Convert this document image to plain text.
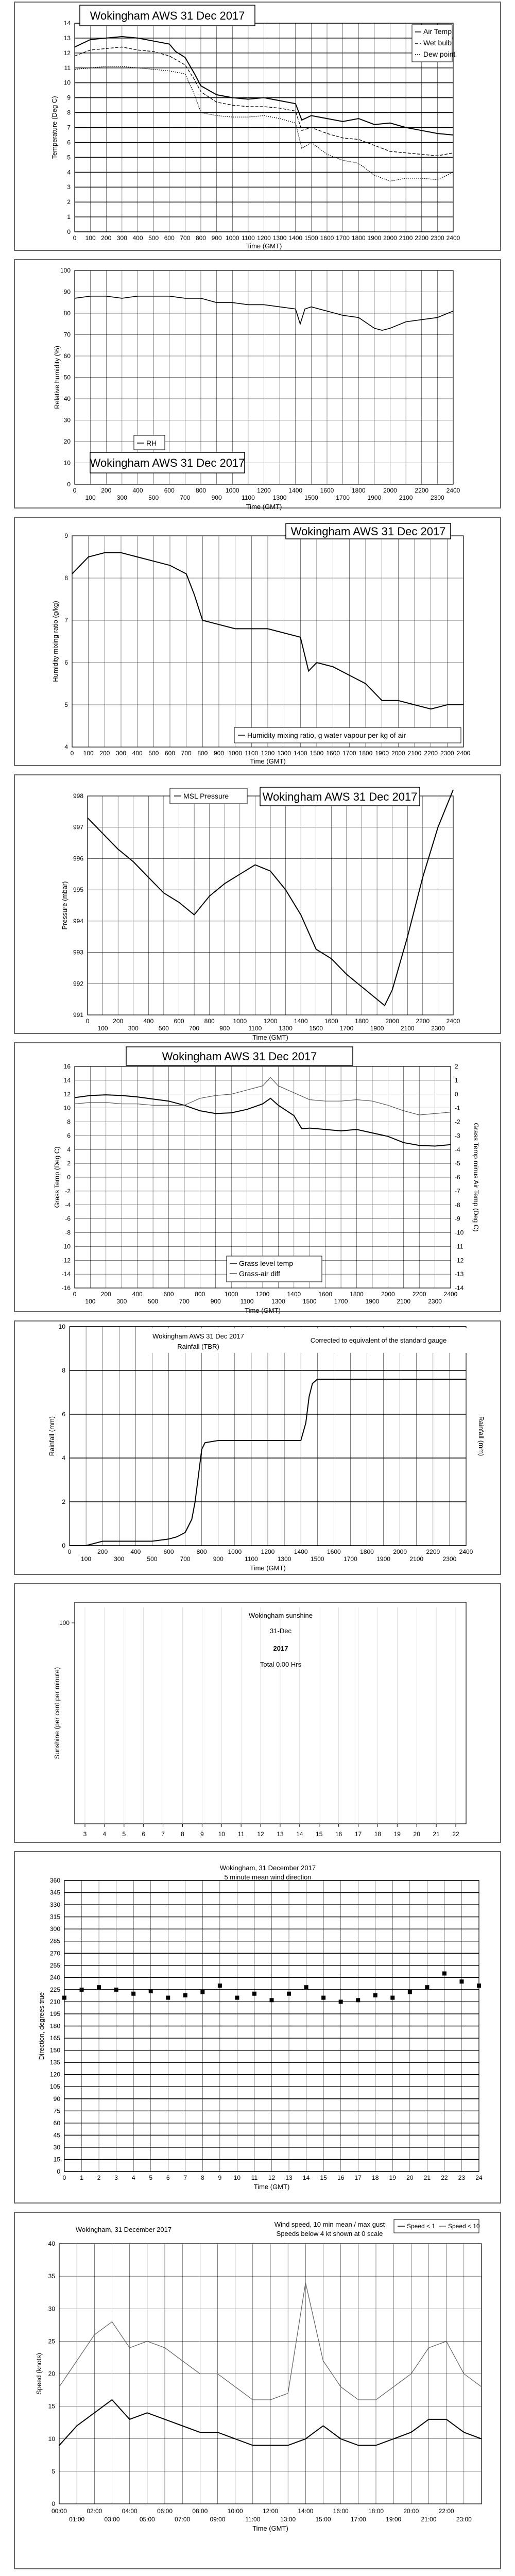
0 100 200 300 400 500 600 700 800 900 1000 1100 1200 1300 1400 1500 1600 1700 1800 1900 2000 2100 2200 2300 2400
0
1
2
3
4
5
6
7
8
9
10
11
12
13
14
Time (GMT)
Temperature (Deg C)
Wokingham AWS 31 Dec 2017
Air Temp
Wet bulb
Dew point
0
100
200
300
400
500
600
700
800
900
1000
1100
1200
1300
1400
1500
1600
1700
1800
1900
2000
2100
2200
2300
2400
0
10
20
30
40
50
60
70
80
90
100
Time (GMT)
Relative humidity (%)
Wokingham AWS 31 Dec 2017
RH
0 100 200 300 400 500 600 700 800 900 1000 1100 1200 1300 1400 1500 1600 1700 1800 1900 2000 2100 2200 2300 2400
4
5
6
7
8
9
Time (GMT)
Humidity mixing ratio (g/kg)
Wokingham AWS 31 Dec 2017
Humidity mixing ratio, g water vapour per kg of air
0
100
200
300
400
500
600
700
800
900
1000
1100
1200
1300
1400
1500
1600
1700
1800
1900
2000
2100
2200
2300
2400
991
992
993
994
995
996
997
998
Time (GMT)
Pressure (mbar)
Wokingham AWS 31 Dec 2017
MSL Pressure
0
100
200
300
400
500
600
700
800
900
1000
1100
1200
1300
1400
1500
1600
1700
1800
1900
2000
2100
2200
2300
2400
-16
-14
-12
-10
-8
-6
-4
-2
0
2
4
6
8
10
12
14
16
-14
-13
-12
-11
-10
-9
-8
-7
-6
-5
-4
-3
-2
-1
0
1
2
Time (GMT)
Grass Temp (Deg C)	Grass Temp minus Air Temp (Deg C)
Wokingham AWS 31 Dec 2017
Grass level temp
Grass-air diff
0
100
200
300
400
500
600
700
800
900
1000
1100
1200
1300
1400
1500
1600
1700
1800
1900
2000
2100
2200
2300
2400
0
2
4
6
8
10
Time (GMT)
Rainfall (mm)	Rainfall (mm)
Wokingham AWS 31 Dec 2017
Rainfall (TBR)
Corrected to equivalent of the standard gauge
3	4	5	6	7	8	9 10 11 12 13 14 15 16 17 18 19 20 21 22
100
Sunshine (per cent per minute)
Wokingham sunshine
31-Dec
2017
Total 0.00 Hrs
0 1 2 3 4 5 6 7 8 9 10 11 12 13 14 15 16 17 18 19 20 21 22 23 24
0
15
30
45
60
75
90
105
120
135
150
165
180
195
210
225
240
255
270
285
300
315
330
345
360
Time (GMT)
Direction, degrees true
Wokingham, 31 December 2017
5 minute mean wind direction
00:00
01:00
02:00
03:00
04:00
05:00
06:00
07:00
08:00
09:00
10:00
11:00
12:00
13:00
14:00
15:00
16:00
17:00
18:00
19:00
20:00
21:00
22:00
23:00
0
5
10
15
20
25
30
35
40
Time (GMT)
Speed (knots)
Wokingham, 31 December 2017
Wind speed, 10 min mean / max gust
Speeds below 4 kt shown at 0 scale
Speed < 1 Speed < 10
